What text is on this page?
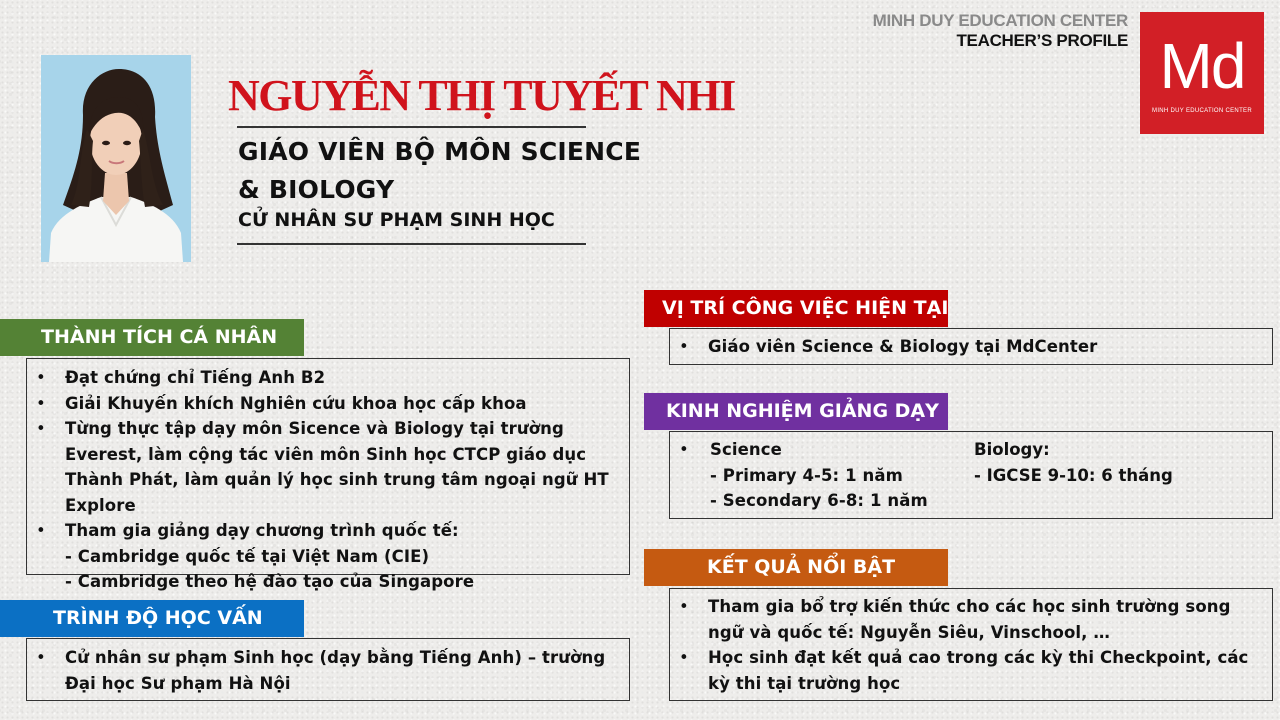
MINH DUY EDUCATION CENTER
TEACHER’S PROFILE Md
MINH DUY EDUCATION CENTER
NGUYỄN THỊ TUYẾT NHI
GIÁO VIÊN BỘ MÔN SCIENCE
& BIOLOGY
CỬ NHÂN SƯ PHẠM SINH HỌC
THÀNH TÍCH CÁ NHÂN
• Đạt chứng chỉ Tiếng Anh B2
• Giải Khuyến khích Nghiên cứu khoa học cấp khoa
• Từng thực tập dạy môn Sicence và Biology tại trường Everest, làm cộng tác viên môn Sinh học CTCP giáo dục Thành Phát, làm quản lý học sinh trung tâm ngoại ngữ HT Explore
• Tham gia giảng dạy chương trình quốc tế:
- Cambridge quốc tế tại Việt Nam (CIE)
- Cambridge theo hệ đào tạo của Singapore
TRÌNH ĐỘ HỌC VẤN
• Cử nhân sư phạm Sinh học (dạy bằng Tiếng Anh) – trường Đại học Sư phạm Hà Nội
VỊ TRÍ CÔNG VIỆC HIỆN TẠI
• Giáo viên Science & Biology tại MdCenter
KINH NGHIỆM GIẢNG DẠY
• Science
- Primary 4-5: 1 năm
- Secondary 6-8: 1 năm
Biology:
- IGCSE 9-10: 6 tháng
KẾT QUẢ NỔI BẬT
• Tham gia bổ trợ kiến thức cho các học sinh trường song ngữ và quốc tế: Nguyễn Siêu, Vinschool, …
• Học sinh đạt kết quả cao trong các kỳ thi Checkpoint, các kỳ thi tại trường học
